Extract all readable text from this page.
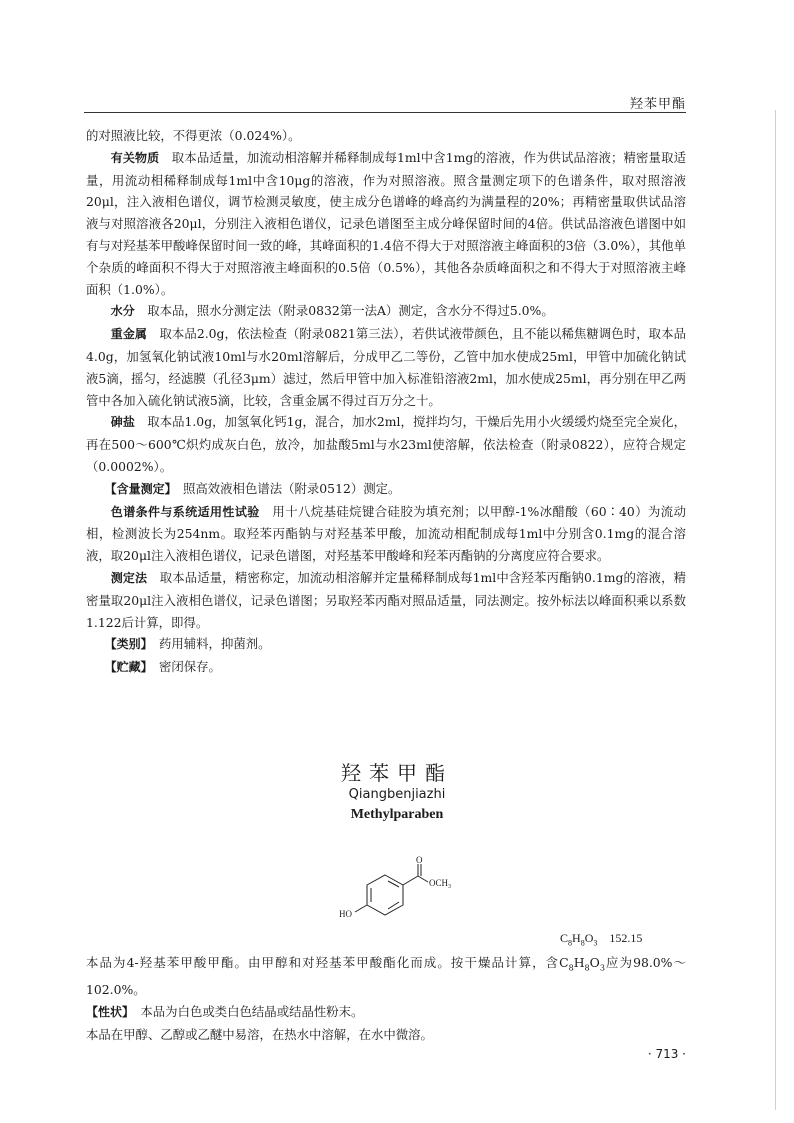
羟苯甲酯

的对照液比较，不得更浓（0.024%）。

有关物质　取本品适量，加流动相溶解并稀释制成每1ml中含1mg的溶液，作为供试品溶液；精密量取适量，用流动相稀释制成每1ml中含10μg的溶液，作为对照溶液。照含量测定项下的色谱条件，取对照溶液20μl，注入液相色谱仪，调节检测灵敏度，使主成分色谱峰的峰高约为满量程的20%；再精密量取供试品溶液与对照溶液各20μl，分别注入液相色谱仪，记录色谱图至主成分峰保留时间的4倍。供试品溶液色谱图中如有与对羟基苯甲酸峰保留时间一致的峰，其峰面积的1.4倍不得大于对照溶液主峰面积的3倍（3.0%），其他单个杂质的峰面积不得大于对照溶液主峰面积的0.5倍（0.5%），其他各杂质峰面积之和不得大于对照溶液主峰面积（1.0%）。

水分　取本品，照水分测定法（附录0832第一法A）测定，含水分不得过5.0%。

重金属　取本品2.0g，依法检查（附录0821第三法），若供试液带颜色，且不能以稀焦糖调色时，取本品4.0g，加氢氧化钠试液10ml与水20ml溶解后，分成甲乙二等份，乙管中加水使成25ml，甲管中加硫化钠试液5滴，摇匀，经滤膜（孔径3μm）滤过，然后甲管中加入标准铅溶液2ml，加水使成25ml，再分别在甲乙两管中各加入硫化钠试液5滴，比较，含重金属不得过百万分之十。

砷盐　取本品1.0g，加氢氧化钙1g，混合，加水2ml，搅拌均匀，干燥后先用小火缓缓灼烧至完全炭化，再在500～600℃炽灼成灰白色，放冷，加盐酸5ml与水23ml使溶解，依法检查（附录0822），应符合规定（0.0002%）。

【含量测定】　照高效液相色谱法（附录0512）测定。

色谱条件与系统适用性试验　用十八烷基硅烷键合硅胶为填充剂；以甲醇-1%冰醋酸（60∶40）为流动相，检测波长为254nm。取羟苯丙酯钠与对羟基苯甲酸，加流动相配制成每1ml中分别含0.1mg的混合溶液，取20μl注入液相色谱仪，记录色谱图，对羟基苯甲酸峰和羟苯丙酯钠的分离度应符合要求。

测定法　取本品适量，精密称定，加流动相溶解并定量稀释制成每1ml中含羟苯丙酯钠0.1mg的溶液，精密量取20μl注入液相色谱仪，记录色谱图；另取羟苯丙酯对照品适量，同法测定。按外标法以峰面积乘以系数1.122后计算，即得。

【类别】　药用辅料，抑菌剂。

【贮藏】　密闭保存。

羟苯甲酯
Qiangbenjiazhi
Methylparaben
O
$OCH_3$
HO
$C_8H_8O_3$ 152.15

本品为4-羟基苯甲酸甲酯。由甲醇和对羟基苯甲酸酯化而成。按干燥品计算，含$C_8H_8O_3$应为98.0%～102.0%。

【性状】　本品为白色或类白色结晶或结晶性粉末。

本品在甲醇、乙醇或乙醚中易溶，在热水中溶解，在水中微溶。

· 713 ·
